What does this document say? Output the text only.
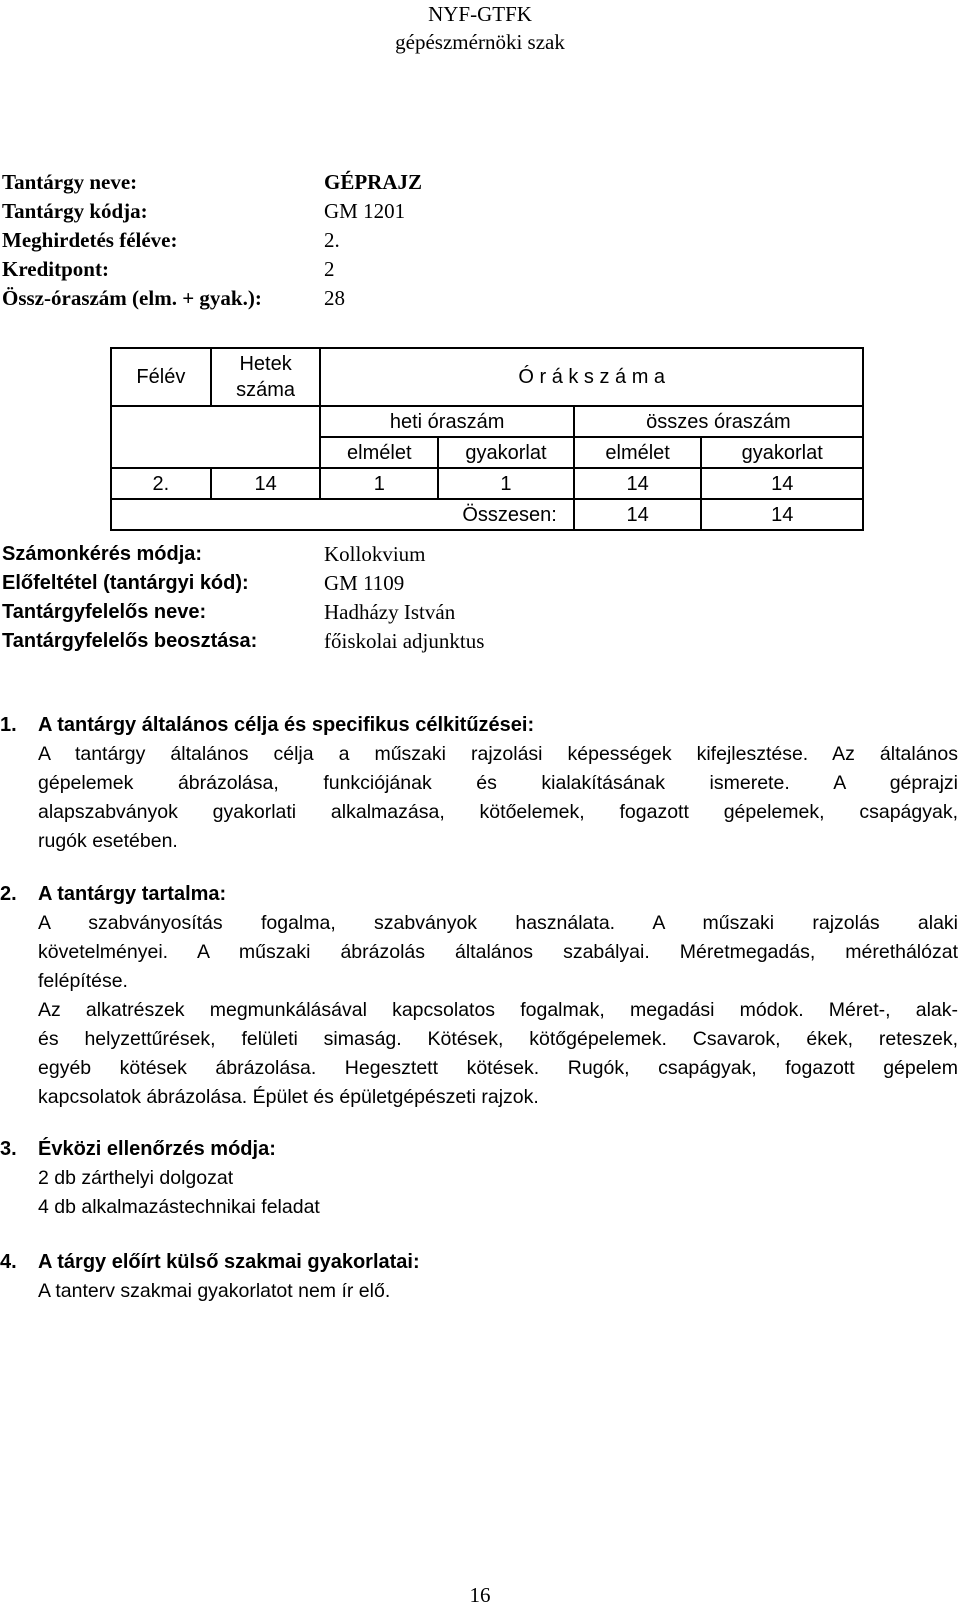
NYF-GTFK
gépészmérnöki szak
Tantárgy neve:	GÉPRAJZ
Tantárgy kódja:	GM 1201
Meghirdetés féléve:	2.
Kreditpont:	2
Össz-óraszám (elm. + gyak.):	28
Félév	Hetek száma	Ó r á k s z á m a			
		heti óraszám		összes óraszám	
		elmélet	gyakorlat	elmélet	gyakorlat
2.	14	1	1	14	14
Összesen:				14	14
Számonkérés módja:	Kollokvium
Előfeltétel (tantárgyi kód):	GM 1109
Tantárgyfelelős neve:	Hadházy István
Tantárgyfelelős beosztása:	főiskolai adjunktus
1. A tantárgy általános célja és specifikus célkitűzései:
A tantárgy általános célja a műszaki rajzolási képességek kifejlesztése. Az általános
gépelemek ábrázolása, funkciójának és kialakításának ismerete. A géprajzi
alapszabványok gyakorlati alkalmazása, kötőelemek, fogazott gépelemek, csapágyak,
rugók esetében.
2. A tantárgy tartalma:
A szabványosítás fogalma, szabványok használata. A műszaki rajzolás alaki
követelményei. A műszaki ábrázolás általános szabályai. Méretmegadás, mérethálózat
felépítése.
Az alkatrészek megmunkálásával kapcsolatos fogalmak, megadási módok. Méret-, alak-
és helyzettűrések, felületi simaság. Kötések, kötőgépelemek. Csavarok, ékek, reteszek,
egyéb kötések ábrázolása. Hegesztett kötések. Rugók, csapágyak, fogazott gépelem
kapcsolatok ábrázolása. Épület és épületgépészeti rajzok.
3. Évközi ellenőrzés módja:
2 db zárthelyi dolgozat
4 db alkalmazástechnikai feladat
4. A tárgy előírt külső szakmai gyakorlatai:
A tanterv szakmai gyakorlatot nem ír elő.
16
